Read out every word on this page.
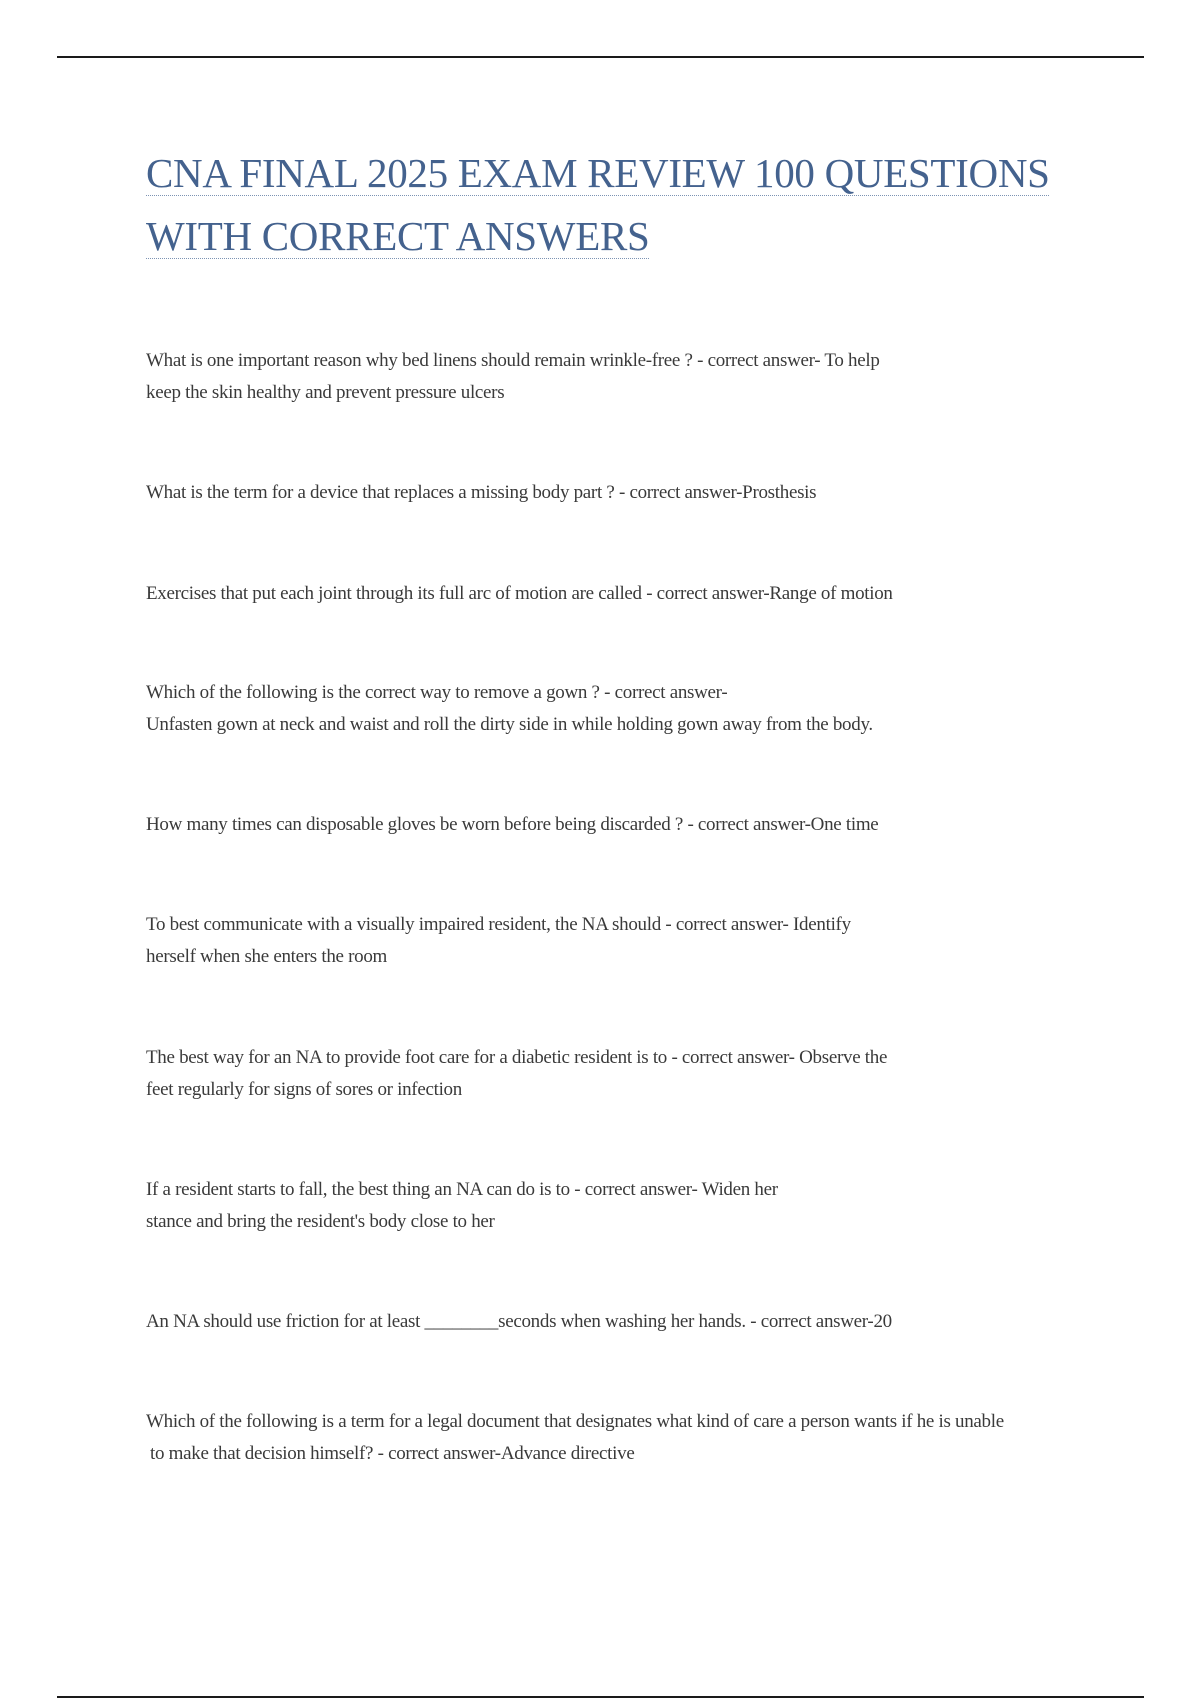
CNA FINAL 2025 EXAM REVIEW 100 QUESTIONS
WITH CORRECT ANSWERS
What is one important reason why bed linens should remain wrinkle-free ? - correct answer- To help
keep the skin healthy and prevent pressure ulcers
What is the term for a device that replaces a missing body part ? - correct answer-Prosthesis
Exercises that put each joint through its full arc of motion are called - correct answer-Range of motion
Which of the following is the correct way to remove a gown ? - correct answer-
Unfasten gown at neck and waist and roll the dirty side in while holding gown away from the body.
How many times can disposable gloves be worn before being discarded ? - correct answer-One time
To best communicate with a visually impaired resident, the NA should - correct answer- Identify
herself when she enters the room
The best way for an NA to provide foot care for a diabetic resident is to - correct answer- Observe the
feet regularly for signs of sores or infection
If a resident starts to fall, the best thing an NA can do is to - correct answer- Widen her
stance and bring the resident's body close to her
An NA should use friction for at least ________seconds when washing her hands. - correct answer-20
Which of the following is a term for a legal document that designates what kind of care a person wants if he is unable
to make that decision himself? - correct answer-Advance directive
